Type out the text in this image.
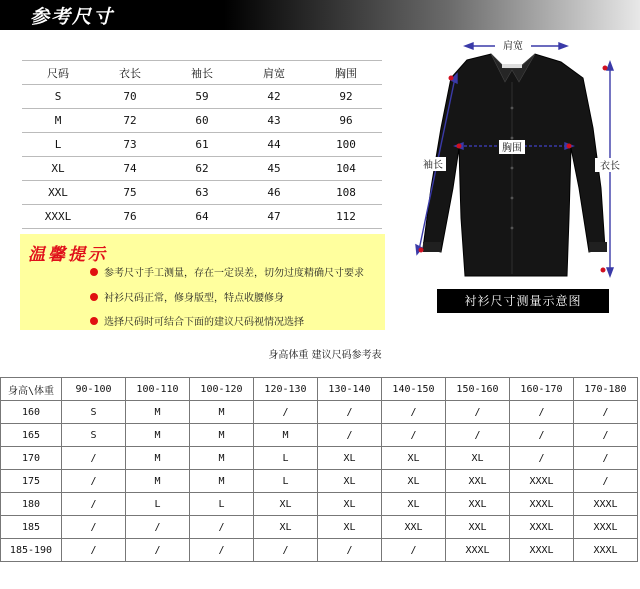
参考尺寸
尺码	衣长	袖长	肩宽	胸围
S	70	59	42	92
M	72	60	43	96
L	73	61	44	100
XL	74	62	45	104
XXL	75	63	46	108
XXXL	76	64	47	112
温馨提示
参考尺寸手工测量，存在一定误差，切勿过度精确尺寸要求
衬衫尺码正常，修身版型，特点收腰修身
选择尺码时可结合下面的建议尺码视情况选择
肩宽
袖长
胸围
衣长
衬衫尺寸测量示意图
身高体重 建议尺码参考表
身高\体重	90-100	100-110	100-120	120-130	130-140	140-150	150-160	160-170	170-180
160	S	M	M	/	/	/	/	/	/
165	S	M	M	M	/	/	/	/	/
170	/	M	M	L	XL	XL	XL	/	/
175	/	M	M	L	XL	XL	XXL	XXXL	/
180	/	L	L	XL	XL	XL	XXL	XXXL	XXXL
185	/	/	/	XL	XL	XXL	XXL	XXXL	XXXL
185-190	/	/	/	/	/	/	XXXL	XXXL	XXXL
